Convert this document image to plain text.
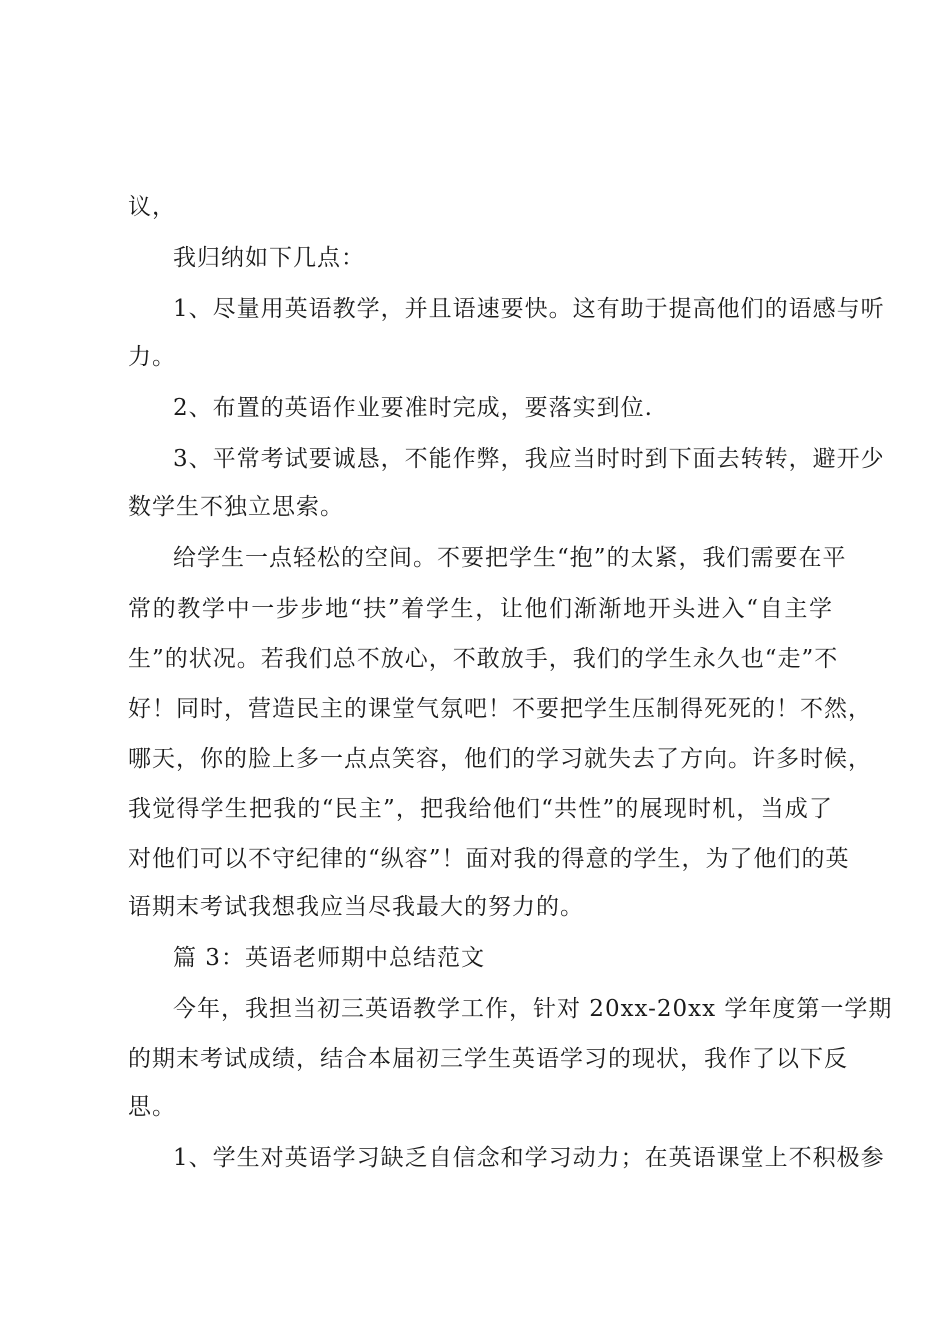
议，
我归纳如下几点：
1、尽量用英语教学，并且语速要快。这有助于提高他们的语感与听
力。
2、布置的英语作业要准时完成，要落实到位.
3、平常考试要诚恳，不能作弊，我应当时时到下面去转转，避开少
数学生不独立思索。
给学生一点轻松的空间。不要把学生“抱”的太紧，我们需要在平
常的教学中一步步地“扶”着学生，让他们渐渐地开头进入“自主学
生”的状况。若我们总不放心，不敢放手，我们的学生永久也“走”不
好！同时，营造民主的课堂气氛吧！不要把学生压制得死死的！不然，
哪天，你的脸上多一点点笑容，他们的学习就失去了方向。许多时候，
我觉得学生把我的“民主”，把我给他们“共性”的展现时机，当成了
对他们可以不守纪律的“纵容”！面对我的得意的学生，为了他们的英
语期末考试我想我应当尽我最大的努力的。
篇 3：英语老师期中总结范文
今年，我担当初三英语教学工作，针对 20xx-20xx 学年度第一学期
的期末考试成绩，结合本届初三学生英语学习的现状，我作了以下反
思。
1、学生对英语学习缺乏自信念和学习动力；在英语课堂上不积极参
